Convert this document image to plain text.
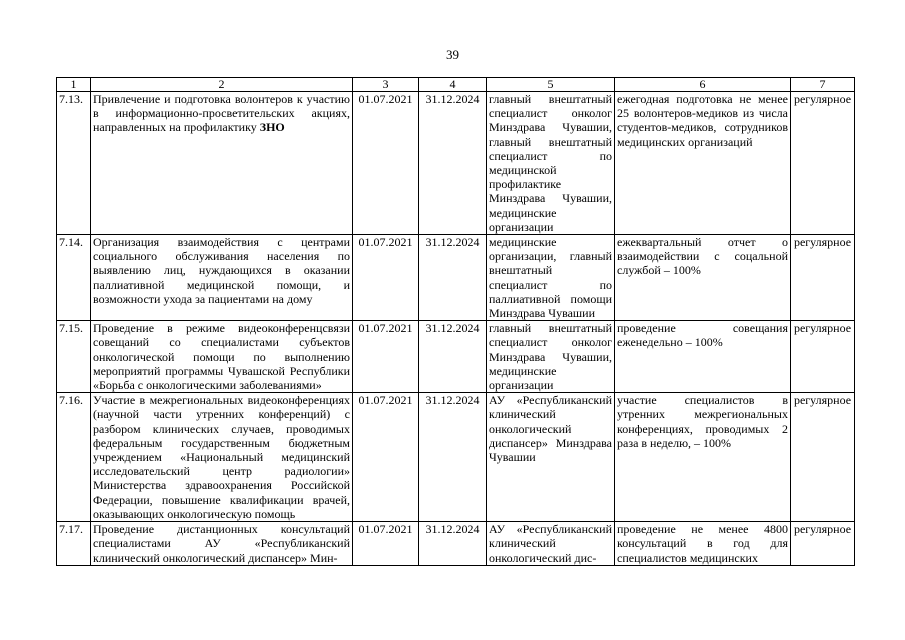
39
1	2	3	4	5	6	7
7.13.	Привлечение и подготовка волонтеров к участию в информационно-просветительских акциях, направленных на профилактику ЗНО	01.07.2021	31.12.2024	главный внештатный специалист онколог Минздрава Чувашии, главный внештатный специалист по медицинской профилактике Минздрава Чувашии, медицинские организации	ежегодная подготовка не менее 25 волонтеров-медиков из числа студентов-медиков, сотрудников медицинских организаций	регулярное
7.14.	Организация взаимодействия с центрами социального обслуживания населения по выявлению лиц, нуждающихся в оказании паллиативной медицинской помощи, и возможности ухода за пациентами на дому	01.07.2021	31.12.2024	медицинские организации, главный внештатный специалист по паллиативной помощи Минздрава Чувашии	ежеквартальный отчет о взаимодействии с соцальной службой – 100%	регулярное
7.15.	Проведение в режиме видеоконференцсвязи совещаний со специалистами субъектов онкологической помощи по выполнению мероприятий программы Чувашской Республики «Борьба с онкологическими заболеваниями»	01.07.2021	31.12.2024	главный внештатный специалист онколог Минздрава Чувашии, медицинские организации	проведение совещания еженедельно – 100%	регулярное
7.16.	Участие в межрегиональных видеоконференциях (научной части утренних конференций) с разбором клинических случаев, проводимых федеральным государственным бюджетным учреждением «Национальный медицинский исследовательский центр радиологии» Министерства здравоохранения Российской Федерации, повышение квалификации врачей, оказывающих онкологическую помощь	01.07.2021	31.12.2024	АУ «Республиканский клинический онкологический диспансер» Минздрава Чувашии	участие специалистов в утренних межрегиональных конференциях, проводимых 2 раза в неделю, – 100%	регулярное
7.17.	Проведение дистанционных консультаций специалистами АУ «Республиканский клинический онкологический диспансер» Мин-	01.07.2021	31.12.2024	АУ «Республиканский клинический онкологический дис-	проведение не менее 4800 консультаций в год для специалистов медицинских	регулярное
